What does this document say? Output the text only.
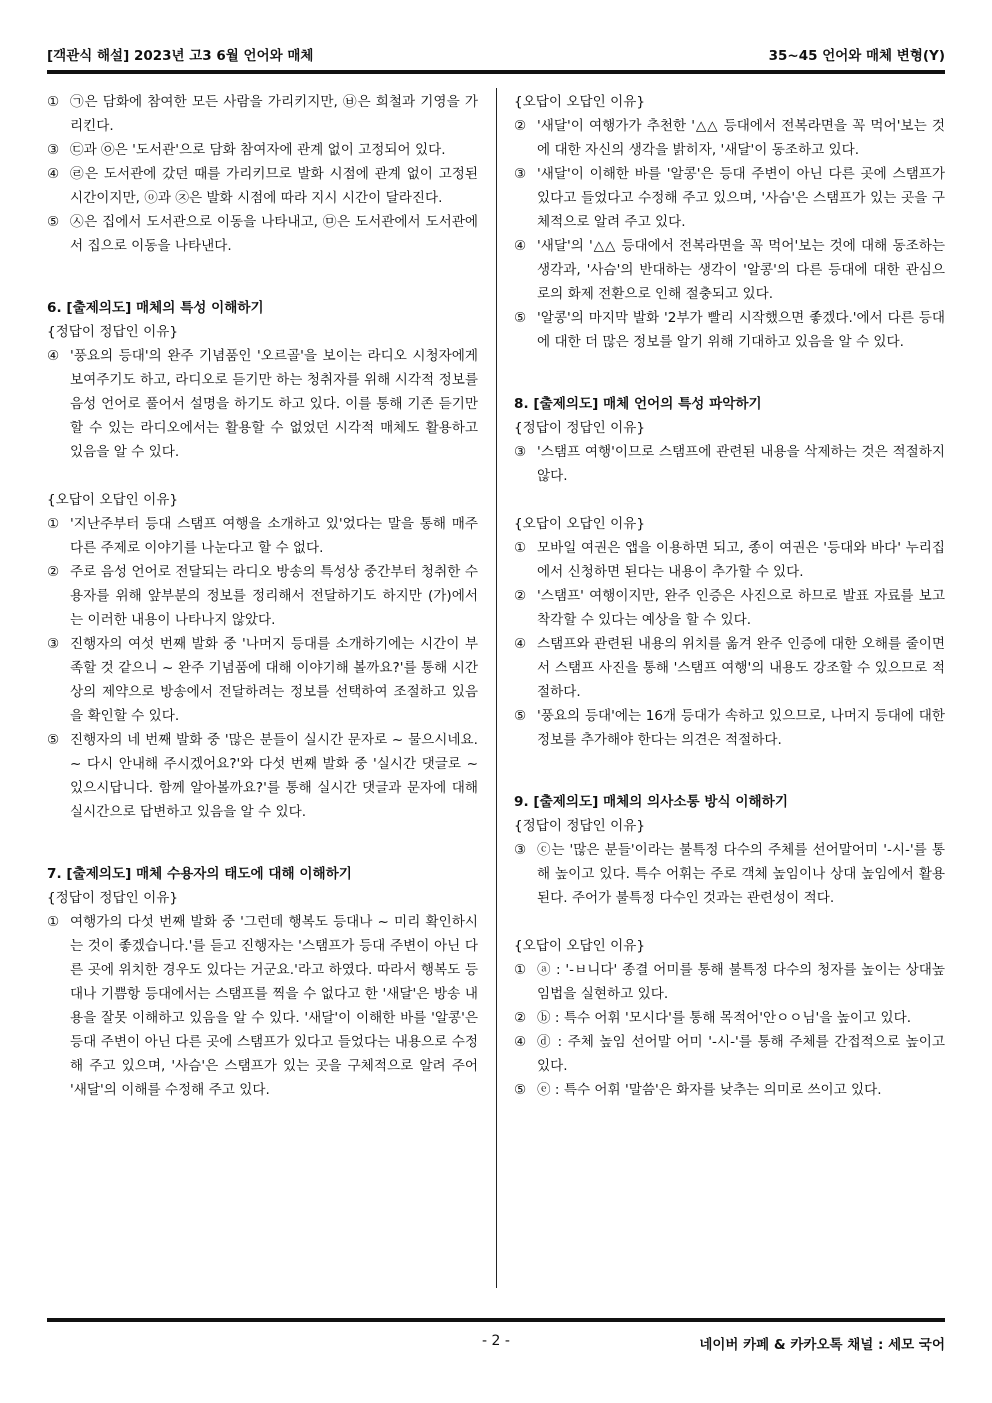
[객관식 해설] 2023년 고3 6월 언어와 매체	35~45 언어와 매체 변형(Y)
① ㉠은 담화에 참여한 모든 사람을 가리키지만, ㉥은 희철과 기영을 가리킨다.
③ ㉢과 ㉧은 '도서관'으로 담화 참여자에 관계 없이 고정되어 있다.
④ ㉣은 도서관에 갔던 때를 가리키므로 발화 시점에 관계 없이 고정된 시간이지만, ⓞ과 ㉨은 발화 시점에 따라 지시 시간이 달라진다.
⑤ ㉦은 집에서 도서관으로 이동을 나타내고, ㉤은 도서관에서 도서관에서 집으로 이동을 나타낸다.
6. [출제의도] 매체의 특성 이해하기
{정답이 정답인 이유}
④ '풍요의 등대'의 완주 기념품인 '오르골'을 보이는 라디오 시청자에게 보여주기도 하고, 라디오로 듣기만 하는 청취자를 위해 시각적 정보를 음성 언어로 풀어서 설명을 하기도 하고 있다. 이를 통해 기존 듣기만 할 수 있는 라디오에서는 활용할 수 없었던 시각적 매체도 활용하고 있음을 알 수 있다.
{오답이 오답인 이유}
① '지난주부터 등대 스탬프 여행을 소개하고 있'었다는 말을 통해 매주 다른 주제로 이야기를 나눈다고 할 수 없다.
② 주로 음성 언어로 전달되는 라디오 방송의 특성상 중간부터 청취한 수용자를 위해 앞부분의 정보를 정리해서 전달하기도 하지만 (가)에서는 이러한 내용이 나타나지 않았다.
③ 진행자의 여섯 번째 발화 중 '나머지 등대를 소개하기에는 시간이 부족할 것 같으니 ~ 완주 기념품에 대해 이야기해 볼까요?'를 통해 시간상의 제약으로 방송에서 전달하려는 정보를 선택하여 조절하고 있음을 확인할 수 있다.
⑤ 진행자의 네 번째 발화 중 '많은 분들이 실시간 문자로 ~ 물으시네요. ~ 다시 안내해 주시겠어요?'와 다섯 번째 발화 중 '실시간 댓글로 ~ 있으시답니다. 함께 알아볼까요?'를 통해 실시간 댓글과 문자에 대해 실시간으로 답변하고 있음을 알 수 있다.
7. [출제의도] 매체 수용자의 태도에 대해 이해하기
{정답이 정답인 이유}
① 여행가의 다섯 번째 발화 중 '그런데 행복도 등대나 ~ 미리 확인하시는 것이 좋겠습니다.'를 듣고 진행자는 '스탬프가 등대 주변이 아닌 다른 곳에 위치한 경우도 있다는 거군요.'라고 하였다. 따라서 행복도 등대나 기쁨항 등대에서는 스탬프를 찍을 수 없다고 한 '새달'은 방송 내용을 잘못 이해하고 있음을 알 수 있다. '새달'이 이해한 바를 '알콩'은 등대 주변이 아닌 다른 곳에 스탬프가 있다고 들었다는 내용으로 수정해 주고 있으며, '사슴'은 스탬프가 있는 곳을 구체적으로 알려 주어 '새달'의 이해를 수정해 주고 있다.
{오답이 오답인 이유}
② '새달'이 여행가가 추천한 '△△ 등대에서 전복라면을 꼭 먹어'보는 것에 대한 자신의 생각을 밝히자, '새달'이 동조하고 있다.
③ '새달'이 이해한 바를 '알콩'은 등대 주변이 아닌 다른 곳에 스탬프가 있다고 들었다고 수정해 주고 있으며, '사슴'은 스탬프가 있는 곳을 구체적으로 알려 주고 있다.
④ '새달'의 '△△ 등대에서 전복라면을 꼭 먹어'보는 것에 대해 동조하는 생각과, '사슴'의 반대하는 생각이 '알콩'의 다른 등대에 대한 관심으로의 화제 전환으로 인해 절충되고 있다.
⑤ '알콩'의 마지막 발화 '2부가 빨리 시작했으면 좋겠다.'에서 다른 등대에 대한 더 많은 정보를 알기 위해 기대하고 있음을 알 수 있다.
8. [출제의도] 매체 언어의 특성 파악하기
{정답이 정답인 이유}
③ '스탬프 여행'이므로 스탬프에 관련된 내용을 삭제하는 것은 적절하지 않다.
{오답이 오답인 이유}
① 모바일 여권은 앱을 이용하면 되고, 종이 여권은 '등대와 바다' 누리집에서 신청하면 된다는 내용이 추가할 수 있다.
② '스탬프' 여행이지만, 완주 인증은 사진으로 하므로 발표 자료를 보고 착각할 수 있다는 예상을 할 수 있다.
④ 스탬프와 관련된 내용의 위치를 옮겨 완주 인증에 대한 오해를 줄이면서 스탬프 사진을 통해 '스탬프 여행'의 내용도 강조할 수 있으므로 적절하다.
⑤ '풍요의 등대'에는 16개 등대가 속하고 있으므로, 나머지 등대에 대한 정보를 추가해야 한다는 의견은 적절하다.
9. [출제의도] 매체의 의사소통 방식 이해하기
{정답이 정답인 이유}
③ ⓒ는 '많은 분들'이라는 불특정 다수의 주체를 선어말어미 '-시-'를 통해 높이고 있다. 특수 어휘는 주로 객체 높임이나 상대 높임에서 활용된다. 주어가 불특정 다수인 것과는 관련성이 적다.
{오답이 오답인 이유}
① ⓐ : '-ㅂ니다' 종결 어미를 통해 불특정 다수의 청자를 높이는 상대높임법을 실현하고 있다.
② ⓑ : 특수 어휘 '모시다'를 통해 목적어'안ㅇㅇ님'을 높이고 있다.
④ ⓓ : 주체 높임 선어말 어미 '-시-'를 통해 주체를 간접적으로 높이고 있다.
⑤ ⓔ : 특수 어휘 '말씀'은 화자를 낮추는 의미로 쓰이고 있다.
- 2 -	네이버 카페 & 카카오톡 채널 : 세모 국어
